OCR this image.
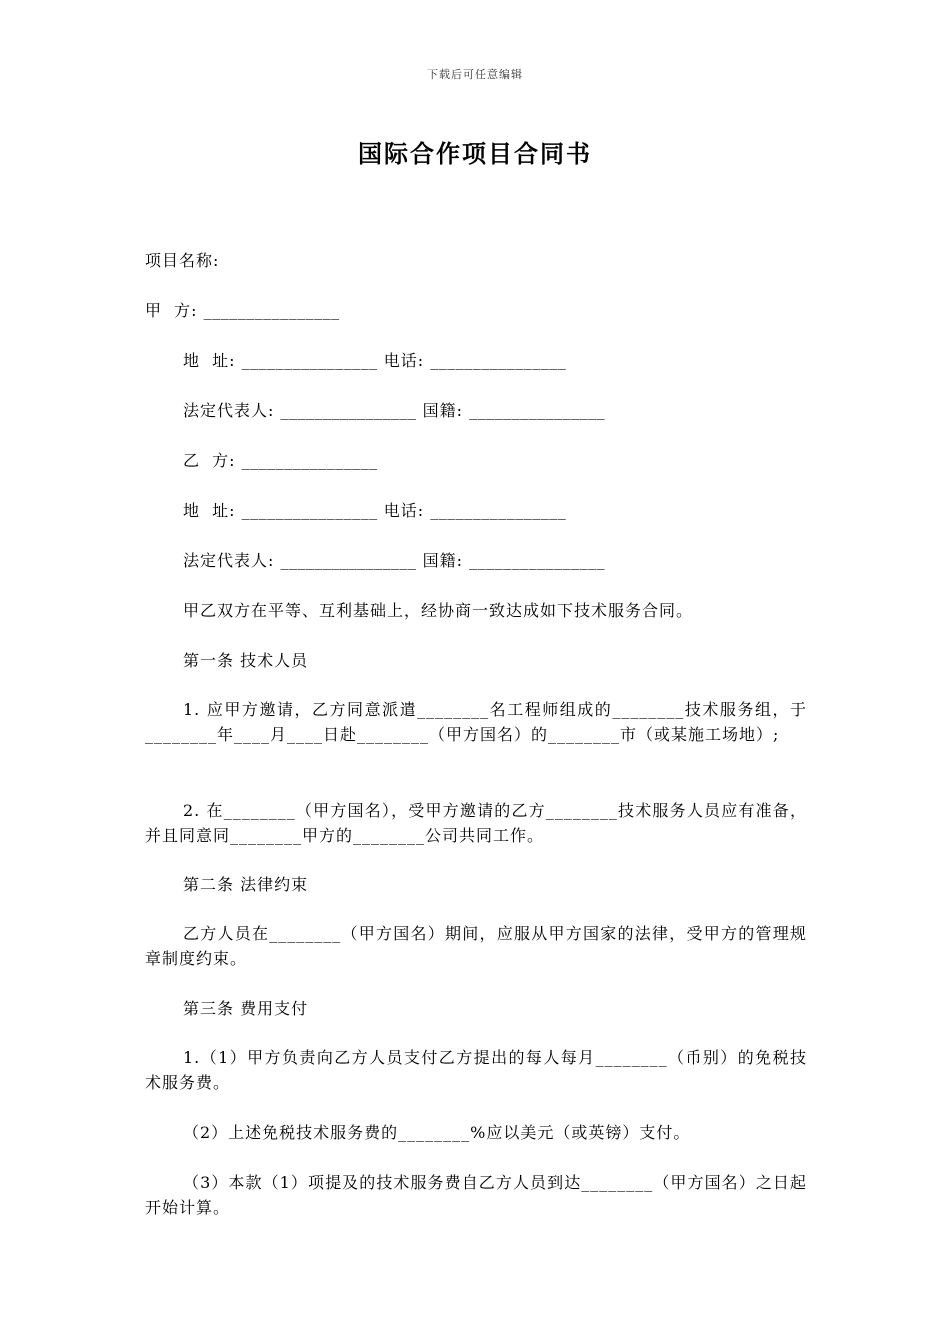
下载后可任意编辑
国际合作项目合同书
项目名称:
甲  方: ________________
地  址: ________________ 电话: ________________
法定代表人: ________________ 国籍: ________________
乙  方: ________________
地  址: ________________ 电话: ________________
法定代表人: ________________ 国籍: ________________
甲乙双方在平等、互利基础上，经协商一致达成如下技术服务合同。
第一条 技术人员
1. 应甲方邀请，乙方同意派遣________名工程师组成的________技术服务组，于________年____月____日赴________（甲方国名）的________市（或某施工场地）;
2. 在________（甲方国名），受甲方邀请的乙方________技术服务人员应有准备，并且同意同________甲方的________公司共同工作。
第二条 法律约束
乙方人员在________（甲方国名）期间，应服从甲方国家的法律，受甲方的管理规章制度约束。
第三条 费用支付
1.（1）甲方负责向乙方人员支付乙方提出的每人每月________（币别）的免税技术服务费。
（2）上述免税技术服务费的________%应以美元（或英镑）支付。
（3）本款（1）项提及的技术服务费自乙方人员到达________（甲方国名）之日起开始计算。
